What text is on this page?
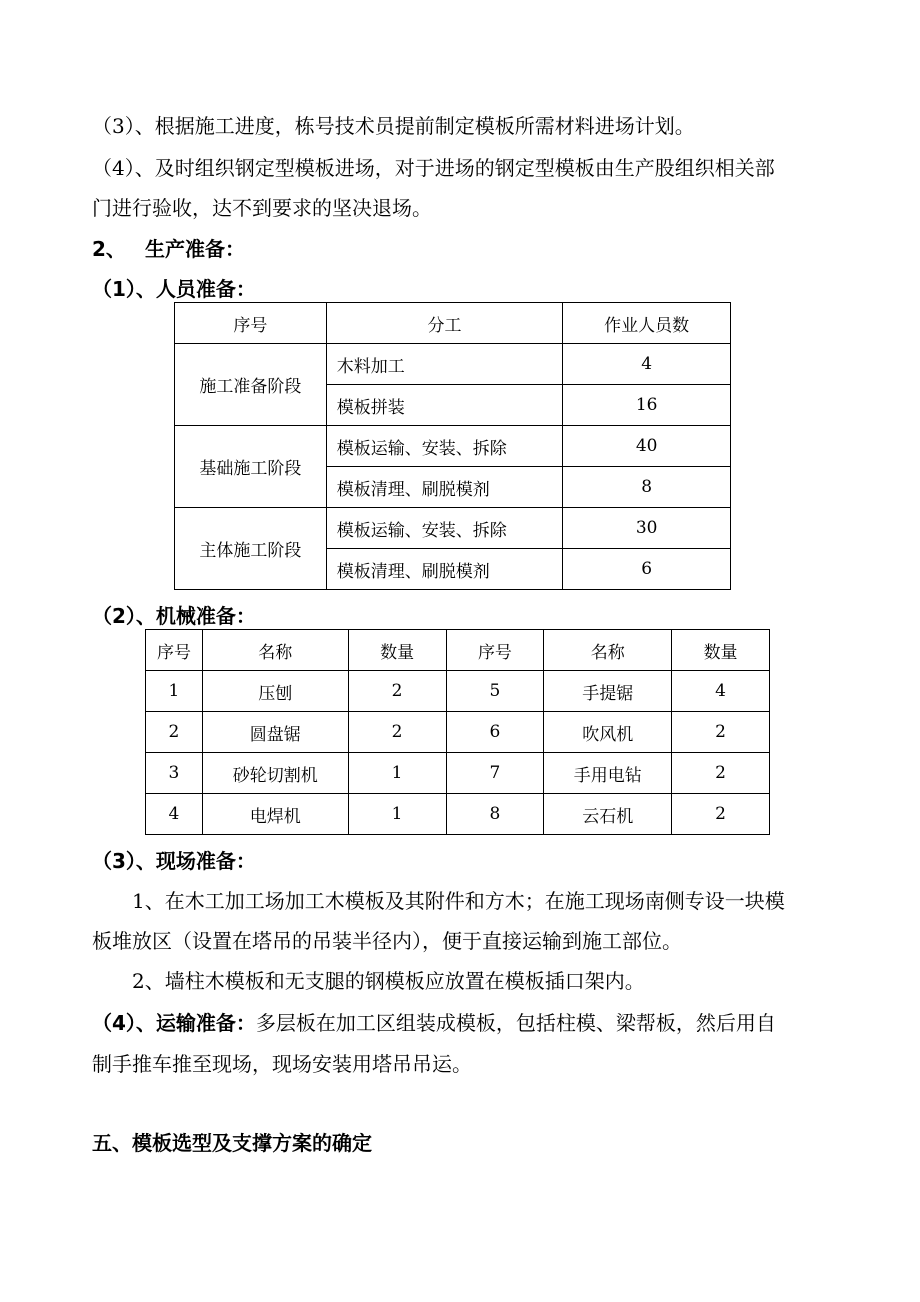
（3）、根据施工进度，栋号技术员提前制定模板所需材料进场计划。
（4）、及时组织钢定型模板进场，对于进场的钢定型模板由生产股组织相关部
门进行验收，达不到要求的坚决退场。
2、 生产准备：
（1）、人员准备：
序号	分工	作业人员数
施工准备阶段	木料加工	4
	模板拼装	16
基础施工阶段	模板运输、安装、拆除	40
	模板清理、刷脱模剂	8
主体施工阶段	模板运输、安装、拆除	30
	模板清理、刷脱模剂	6
（2）、机械准备：
序号	名称	数量	序号	名称	数量
1	压刨	2	5	手提锯	4
2	圆盘锯	2	6	吹风机	2
3	砂轮切割机	1	7	手用电钻	2
4	电焊机	1	8	云石机	2
（3）、现场准备：
1、在木工加工场加工木模板及其附件和方木；在施工现场南侧专设一块模
板堆放区（设置在塔吊的吊装半径内），便于直接运输到施工部位。
2、墙柱木模板和无支腿的钢模板应放置在模板插口架内。
（4）、运输准备：多层板在加工区组装成模板，包括柱模、梁帮板，然后用自
制手推车推至现场，现场安装用塔吊吊运。
五、模板选型及支撑方案的确定
